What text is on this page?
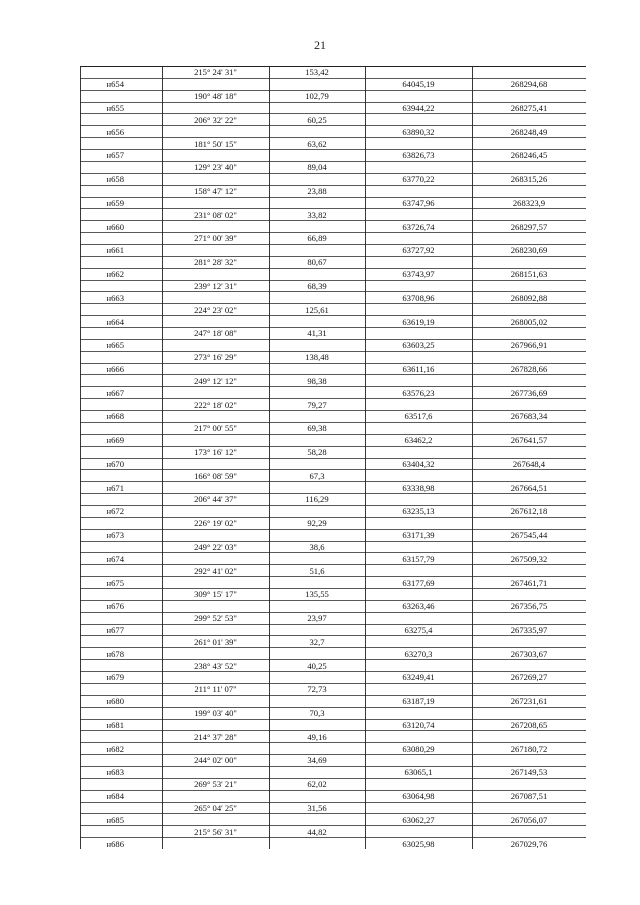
21
215° 24' 31"	153,42
н654	64045,19	268294,68
190° 48' 18"	102,79
н655	63944,22	268275,41
206° 32' 22"	60,25
н656	63890,32	268248,49
181° 50' 15"	63,62
н657	63826,73	268246,45
129° 23' 40"	89,04
н658	63770,22	268315,26
158° 47' 12"	23,88
н659	63747,96	268323,9
231° 08' 02"	33,82
н660	63726,74	268297,57
271° 00' 39"	66,89
н661	63727,92	268230,69
281° 28' 32"	80,67
н662	63743,97	268151,63
239° 12' 31"	68,39
н663	63708,96	268092,88
224° 23' 02"	125,61
н664	63619,19	268005,02
247° 18' 08"	41,31
н665	63603,25	267966,91
273° 16' 29"	138,48
н666	63611,16	267828,66
249° 12' 12"	98,38
н667	63576,23	267736,69
222° 18' 02"	79,27
н668	63517,6	267683,34
217° 00' 55"	69,38
н669	63462,2	267641,57
173° 16' 12"	58,28
н670	63404,32	267648,4
166° 08' 59"	67,3
н671	63338,98	267664,51
206° 44' 37"	116,29
н672	63235,13	267612,18
226° 19' 02"	92,29
н673	63171,39	267545,44
249° 22' 03"	38,6
н674	63157,79	267509,32
292° 41' 02"	51,6
н675	63177,69	267461,71
309° 15' 17"	135,55
н676	63263,46	267356,75
299° 52' 53"	23,97
н677	63275,4	267335,97
261° 01' 39"	32,7
н678	63270,3	267303,67
238° 43' 52"	40,25
н679	63249,41	267269,27
211° 11' 07"	72,73
н680	63187,19	267231,61
199° 03' 40"	70,3
н681	63120,74	267208,65
214° 37' 28"	49,16
н682	63080,29	267180,72
244° 02' 00"	34,69
н683	63065,1	267149,53
269° 53' 21"	62,02
н684	63064,98	267087,51
265° 04' 25"	31,56
н685	63062,27	267056,07
215° 56' 31"	44,82
н686	63025,98	267029,76
